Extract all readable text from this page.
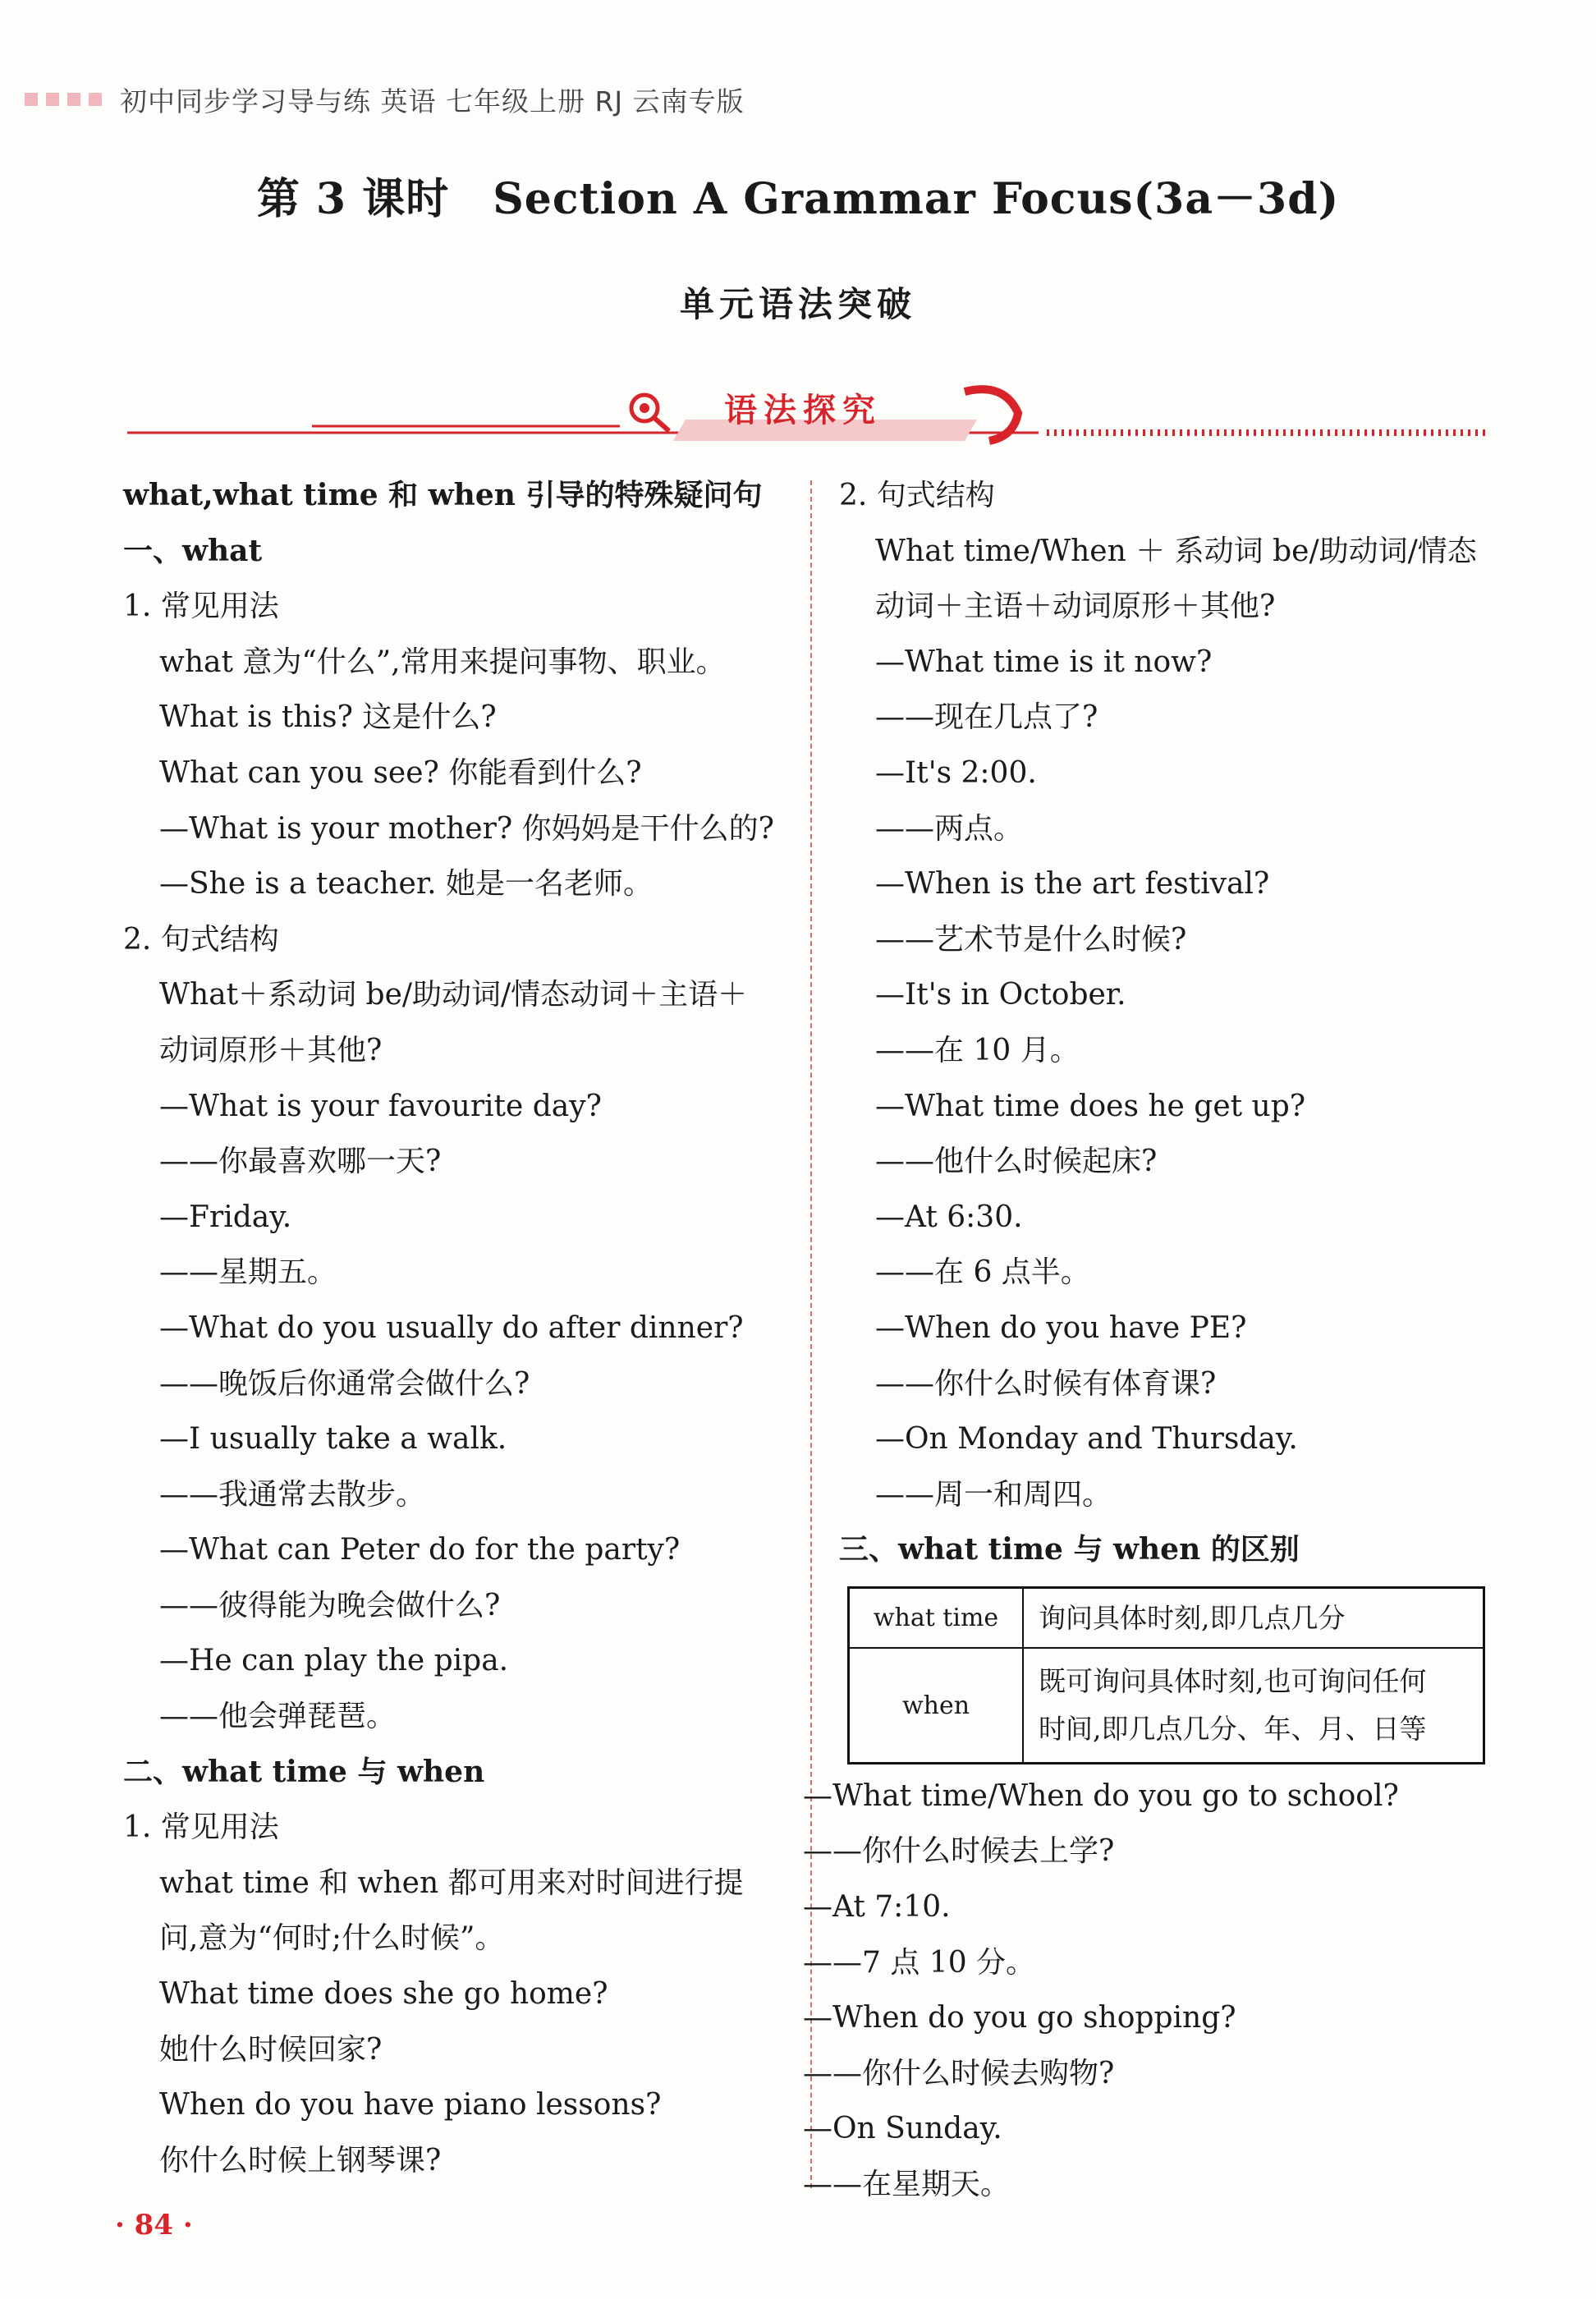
初中同步学习导与练 英语 七年级上册 RJ 云南专版
第 3 课时　Section A Grammar Focus(3a－3d)
单元语法突破
语法探究
what,what time 和 when 引导的特殊疑问句
一、what
1. 常见用法
what 意为“什么”,常用来提问事物、职业。
What is this? 这是什么?
What can you see? 你能看到什么?
—What is your mother? 你妈妈是干什么的?
—She is a teacher. 她是一名老师。
2. 句式结构
What＋系动词 be/助动词/情态动词＋主语＋
动词原形＋其他?
—What is your favourite day?
——你最喜欢哪一天?
—Friday.
——星期五。
—What do you usually do after dinner?
——晚饭后你通常会做什么?
—I usually take a walk.
——我通常去散步。
—What can Peter do for the party?
——彼得能为晚会做什么?
—He can play the pipa.
——他会弹琵琶。
二、what time 与 when
1. 常见用法
what time 和 when 都可用来对时间进行提
问,意为“何时;什么时候”。
What time does she go home?
她什么时候回家?
When do you have piano lessons?
你什么时候上钢琴课?
2. 句式结构
What time/When ＋ 系动词 be/助动词/情态
动词＋主语＋动词原形＋其他?
—What time is it now?
——现在几点了?
—It's 2:00.
——两点。
—When is the art festival?
——艺术节是什么时候?
—It's in October.
——在 10 月。
—What time does he get up?
——他什么时候起床?
—At 6:30.
——在 6 点半。
—When do you have PE?
——你什么时候有体育课?
—On Monday and Thursday.
——周一和周四。
三、what time 与 when 的区别
what time	询问具体时刻,即几点几分
when	既可询问具体时刻,也可询问任何
时间,即几点几分、年、月、日等
—What time/When do you go to school?
——你什么时候去上学?
—At 7:10.
——7 点 10 分。
—When do you go shopping?
——你什么时候去购物?
—On Sunday.
——在星期天。
· 84 ·
